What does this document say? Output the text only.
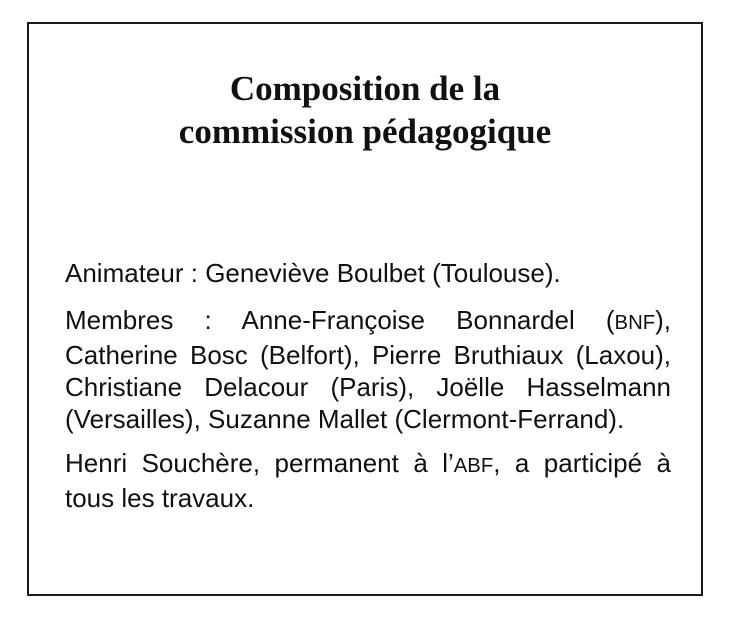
Composition de la
commission pédagogique

Animateur : Geneviève Boulbet (Toulouse).

Membres : Anne-Françoise Bonnardel (BNF), Catherine Bosc (Belfort), Pierre Bruthiaux (Laxou), Christiane Delacour (Paris), Joëlle Hasselmann (Versailles), Suzanne Mallet (Clermont-Ferrand).

Henri Souchère, permanent à l’ABF, a participé à tous les travaux.
